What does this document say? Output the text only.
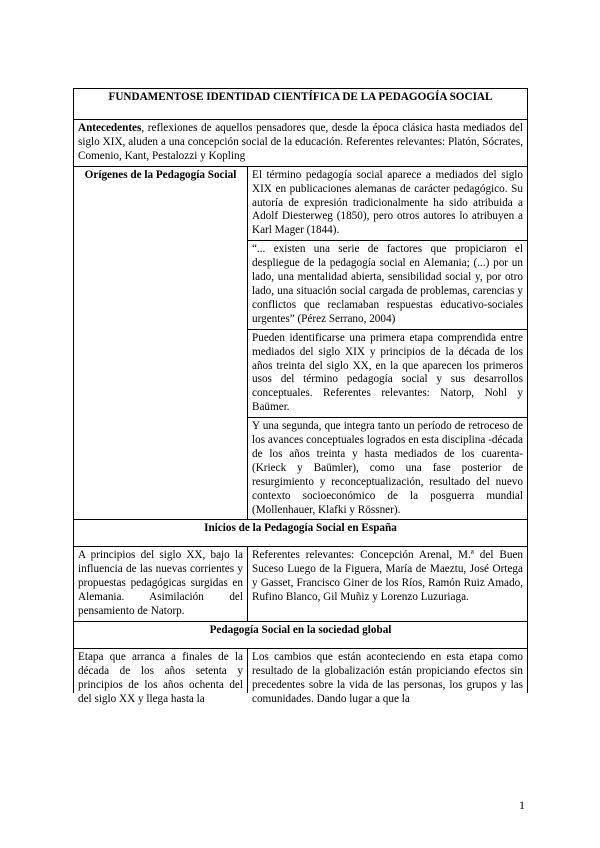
FUNDAMENTOSE IDENTIDAD CIENTÍFICA DE LA PEDAGOGÍA SOCIAL	
Antecedentes, reflexiones de aquellos pensadores que, desde la época clásica hasta mediados del siglo XIX, aluden a una concepción social de la educación. Referentes relevantes: Platón, Sócrates, Comenio, Kant, Pestalozzi y Kopling	
Orígenes de la Pedagogía Social	El término pedagogía social aparece a mediados del siglo XIX en publicaciones alemanas de carácter pedagógico. Su autoría de expresión tradicionalmente ha sido atribuida a Adolf Diesterweg (1850), pero otros autores lo atribuyen a Karl Mager (1844).
	“... existen una serie de factores que propiciaron el despliegue de la pedagogía social en Alemania; (...) por un lado, una mentalidad abierta, sensibilidad social y, por otro lado, una situación social cargada de problemas, carencias y conflictos que reclamaban respuestas educativo-sociales urgentes” (Pérez Serrano, 2004)
	Pueden identificarse una primera etapa comprendida entre mediados del siglo XIX y principios de la década de los años treinta del siglo XX, en la que aparecen los primeros usos del término pedagogía social y sus desarrollos conceptuales. Referentes relevantes: Natorp, Nohl y Baümer.
	Y una segunda, que integra tanto un período de retroceso de los avances conceptuales logrados en esta disciplina -década de los años treinta y hasta mediados de los cuarenta- (Krieck y Baümler), como una fase posterior de resurgimiento y reconceptualización, resultado del nuevo contexto socioeconómico de la posguerra mundial (Mollenhauer, Klafki y Rössner).
Inicios de la Pedagogía Social en España	
A principios del siglo XX, bajo la influencia de las nuevas corrientes y propuestas pedagógicas surgidas en Alemania. Asimilación del pensamiento de Natorp.	Referentes relevantes: Concepción Arenal, M.ª del Buen Suceso Luego de la Figuera, María de Maeztu, José Ortega y Gasset, Francisco Giner de los Ríos, Ramón Ruiz Amado, Rufino Blanco, Gil Muñiz y Lorenzo Luzuriaga.
Pedagogía Social en la sociedad global	

Etapa que arranca a finales de la década de los años setenta y principios de los años ochenta del del siglo XX y llega hasta la	Los cambios que están aconteciendo en esta etapa como resultado de la globalización están propiciando efectos sin precedentes sobre la vida de las personas, los grupos y las comunidades. Dando lugar a que la
1
